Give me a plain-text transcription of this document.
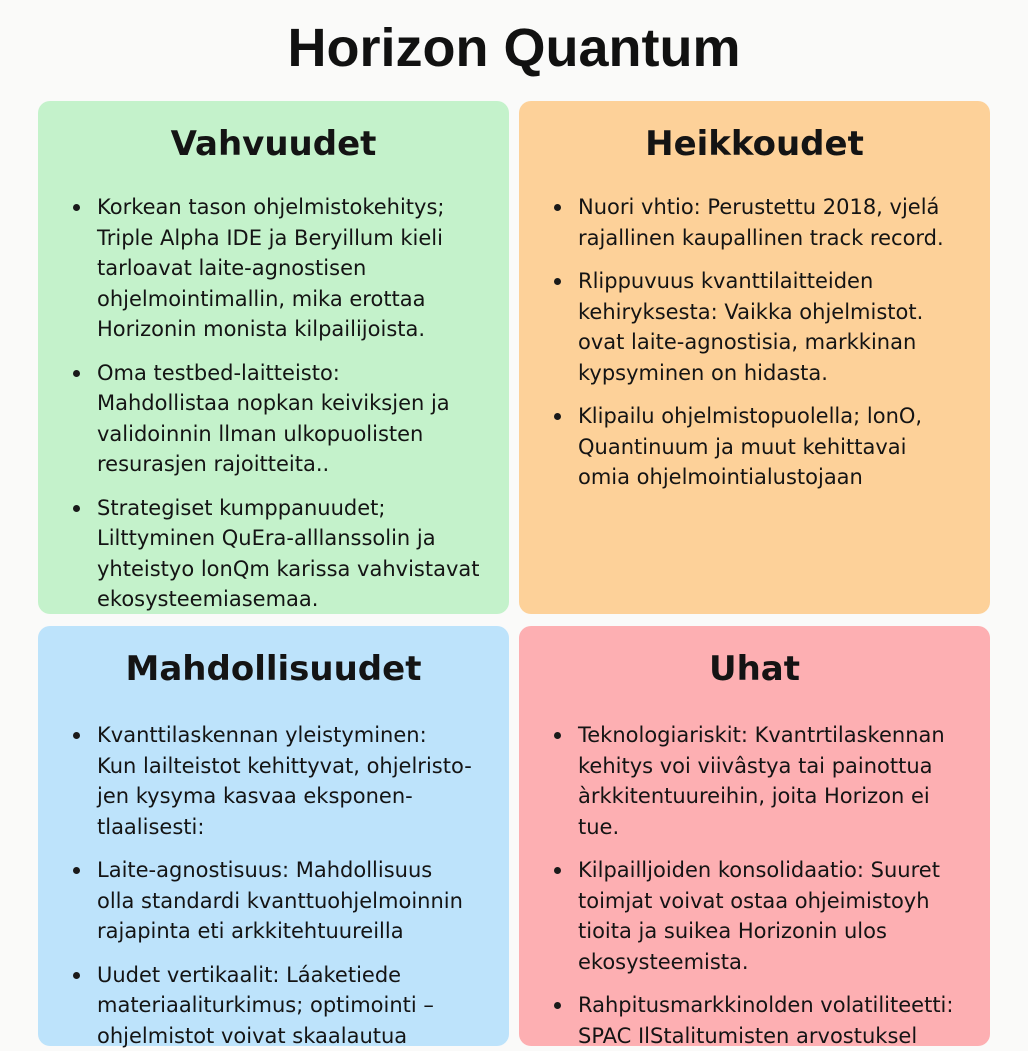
Horizon Quantum
Vahvuudet
Korkean tason ohjelmistokehitys;
Triple Alpha IDE ja Beryillum kieli
tarloavat laite-agnostisen
ohjelmointimallin, mika erottaa
Horizonin monista kilpailijoista.
Oma testbed-laitteisto:
Mahdollistaa nopkan keiviksjen ja
validoinnin llman ulkopuolisten
resurasjen rajoitteita..
Strategiset kumppanuudet;
Lilttyminen QuEra-alllanssolin ja
yhteistyo lonQm karissa vahvistavat
ekosysteemiasemaa.
Heikkoudet
Nuori vhtio: Perustettu 2018, vjelá
rajallinen kaupallinen track record.
Rlippuvuus kvanttilaitteiden
kehiryksesta: Vaikka ohjelmistot.
ovat laite-agnostisia, markkinan
kypsyminen on hidasta.
Klipailu ohjelmistopuolella; lonO,
Quantinuum ja muut kehittavai
omia ohjelmointialustojaan
Mahdollisuudet
Kvanttilaskennan yleistyminen:
Kun lailteistot kehittyvat, ohjelristo-
jen kysyma kasvaa eksponen-
tlaalisesti:
Laite-agnostisuus: Mahdollisuus
olla standardi kvanttuohjelmoinnin
rajapinta eti arkkitehtuureilla
Uudet vertikaalit: Láaketiede
materiaaliturkimus; optimointi –
ohjelmistot voivat skaalautua
Uhat
Teknologiariskit: Kvantrtilaskennan
kehitys voi viivâstya tai painottua
àrkkitentuureihin, joita Horizon ei
tue.
Kilpailljoiden konsolidaatio: Suuret
toimjat voivat ostaa ohjeimistoyh
tioita ja suikea Horizonin ulos
ekosysteemista.
Rahpitusmarkkinolden volatiliteetti:
SPAC IlStalitumisten arvostuksel
